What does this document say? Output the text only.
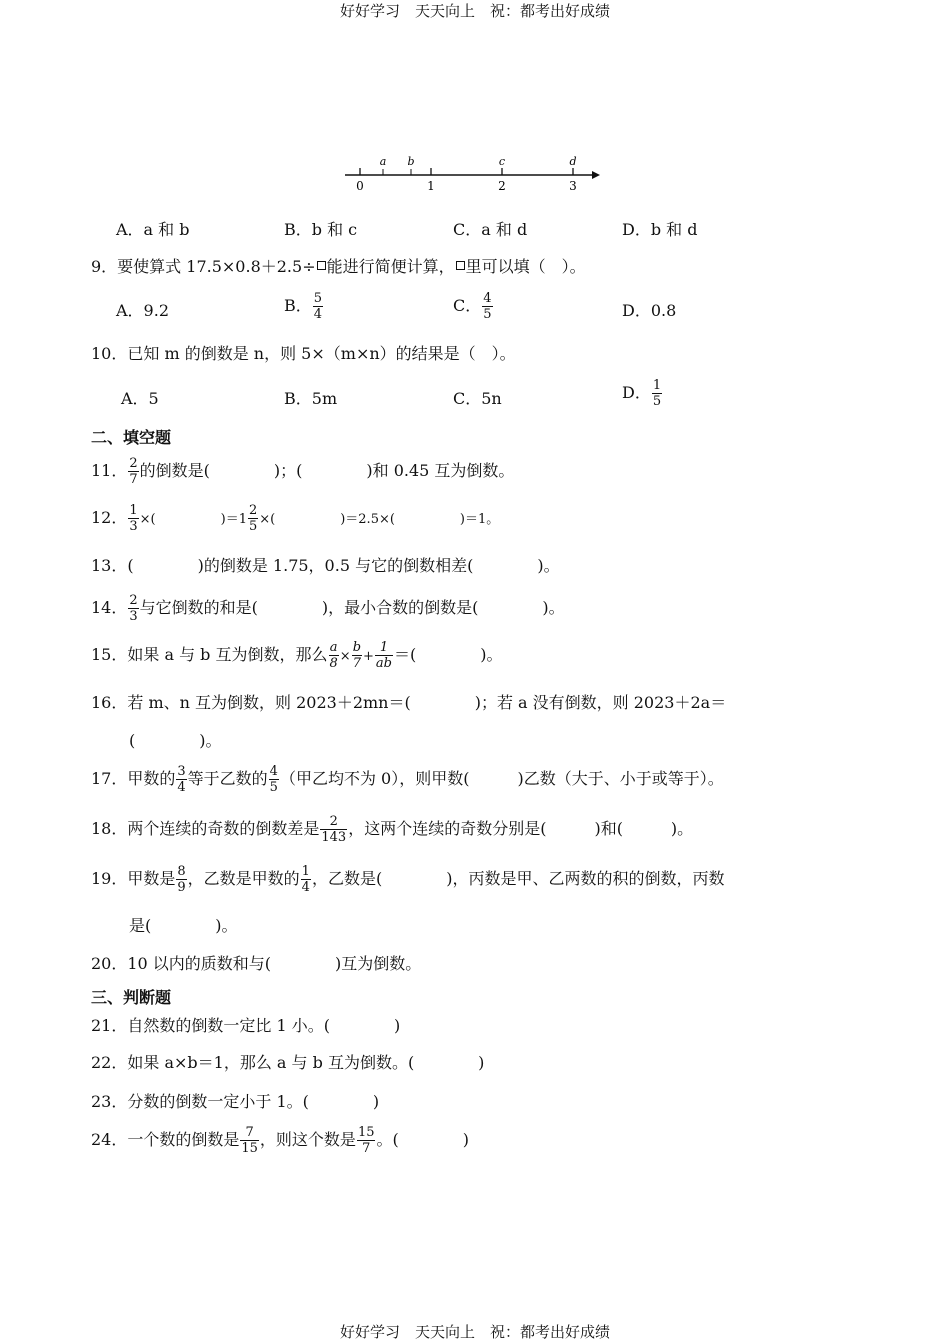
好好学习　天天向上　祝：都考出好成绩
0	1	2	3
a b	c	d
A．a 和 b	B．b 和 c	C．a 和 d	D．b 和 d
9．要使算式 17.5×0.8＋2.5÷ 能进行简便计算， 里可以填（　）。
A．9.2	B． $\frac{5}{4}$	C． $\frac{4}{5}$	D．0.8
10．已知 m 的倒数是 n，则 5×（m×n）的结果是（　）。
A．5	B．5m	C．5n	D． $\frac{1}{5}$
二、填空题
11． $\frac{2}{7}$ 的倒数是(　　　　)；(　　　　)和 0.45 互为倒数。
12． $\frac{1}{3}$ ×(　　　　　)$=1 \frac{2}{5}$ ×(　　　　　)＝2.5×(　　　　　)＝1。
13．(　　　　)的倒数是 1.75，0.5 与它的倒数相差(　　　　)。
14． $\frac{2}{3}$ 与它倒数的和是(　　　　)，最小合数的倒数是(　　　　)。
15．如果 a 与 b 互为倒数，那么 $\frac{a}{8} \times \frac{b}{7} + \frac{1}{ab}$ ＝(　　　　)。
16．若 m、n 互为倒数，则 2023＋2mn＝(　　　　)；若 a 没有倒数，则 2023＋2a＝
(　　　　)。
17．甲数的 $\frac{3}{4}$ 等于乙数的 $\frac{4}{5}$ （甲乙均不为 0），则甲数(　　　)乙数（大于、小于或等于）。
18．两个连续的奇数的倒数差是 $\frac{2}{143}$ ，这两个连续的奇数分别是(　　　)和(　　　)。
19．甲数是 $\frac{8}{9}$ ，乙数是甲数的 $\frac{1}{4}$ ，乙数是(　　　　)，丙数是甲、乙两数的积的倒数，丙数
是(　　　　)。
20．10 以内的质数和与(　　　　)互为倒数。
三、判断题
21．自然数的倒数一定比 1 小。(　　　　)
22．如果 a×b＝1，那么 a 与 b 互为倒数。(　　　　)
23．分数的倒数一定小于 1。(　　　　)
24．一个数的倒数是 $\frac{7}{15}$ ，则这个数是 $\frac{15}{7}$ 。(　　　　)
好好学习　天天向上　祝：都考出好成绩
